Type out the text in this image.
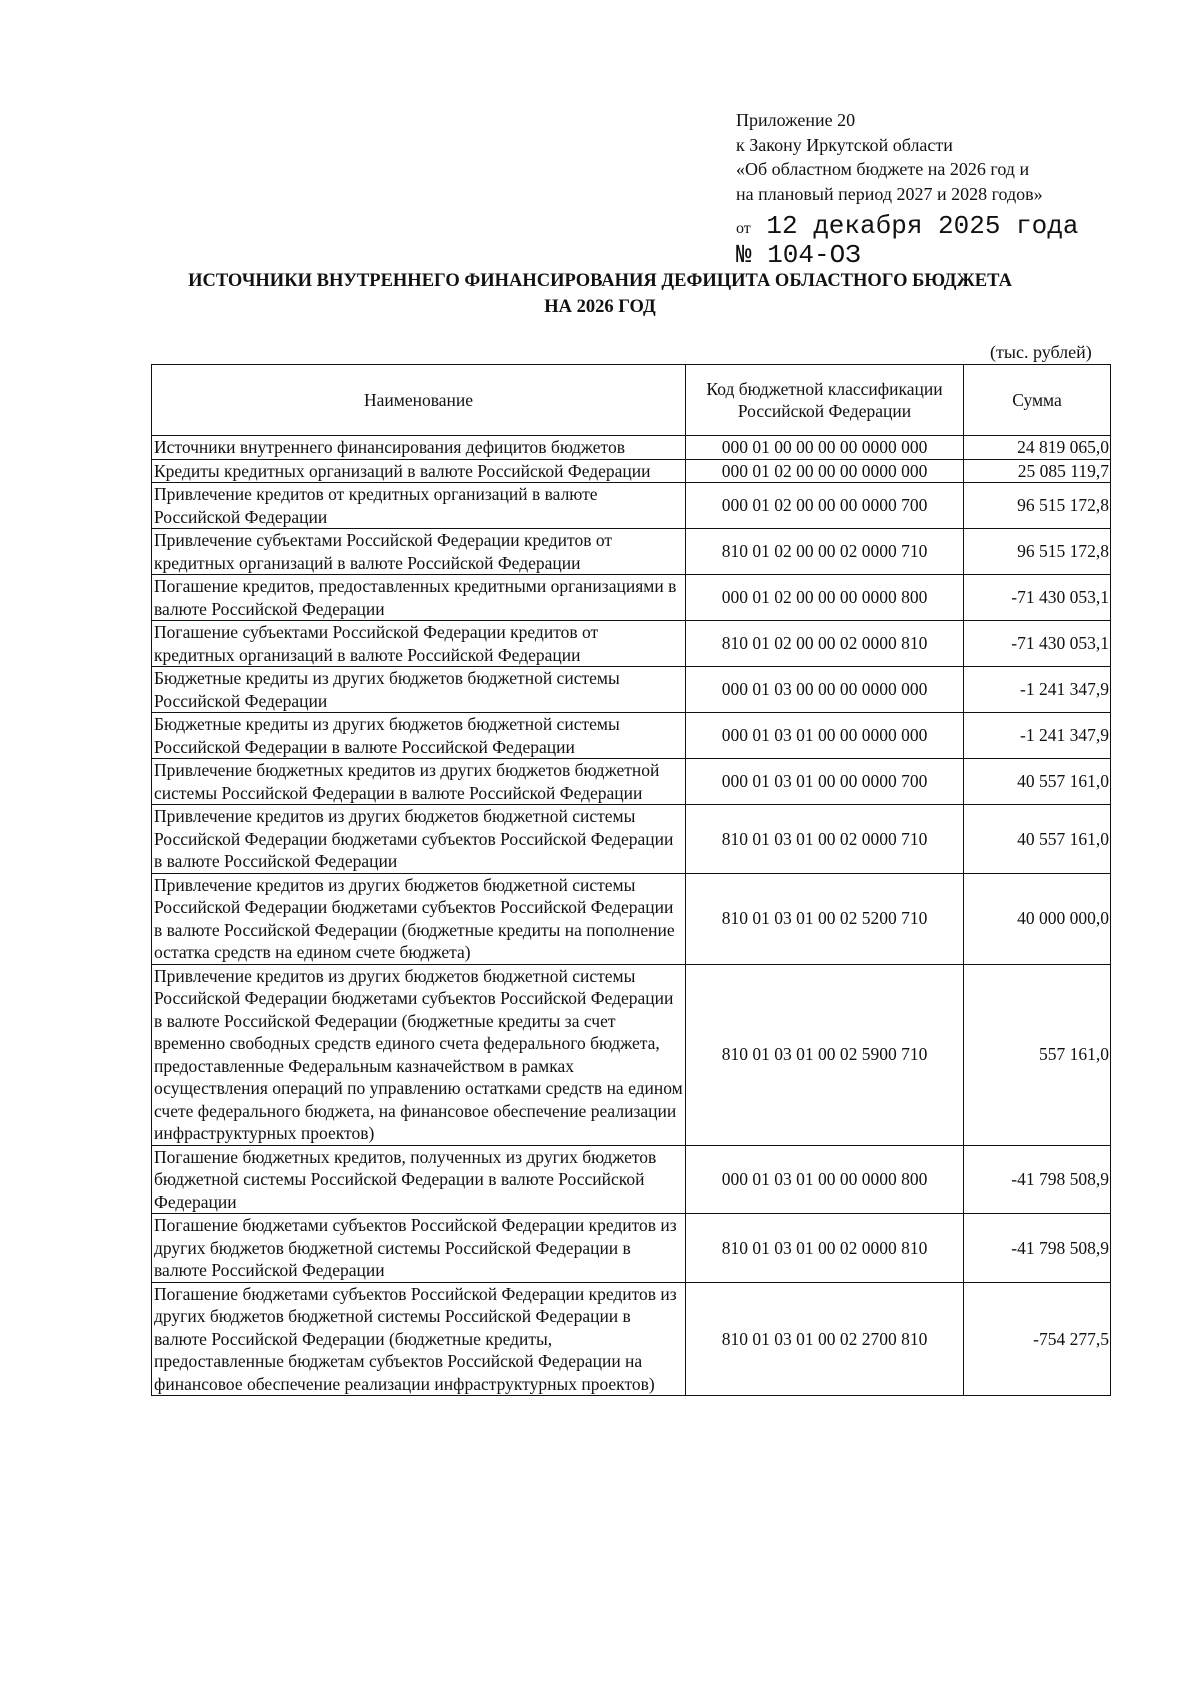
Приложение 20
к Закону Иркутской области
«Об областном бюджете на 2026 год и
на плановый период 2027 и 2028 годов»
от 12 декабря 2025 года
№ 104-ОЗ
ИСТОЧНИКИ ВНУТРЕННЕГО ФИНАНСИРОВАНИЯ ДЕФИЦИТА ОБЛАСТНОГО БЮДЖЕТА
НА 2026 ГОД
(тыс. рублей)
Наименование	Код бюджетной классификации Российской Федерации	Сумма
Источники внутреннего финансирования дефицитов бюджетов	000 01 00 00 00 00 0000 000	24 819 065,0
Кредиты кредитных организаций в валюте Российской Федерации	000 01 02 00 00 00 0000 000	25 085 119,7
Привлечение кредитов от кредитных организаций в валюте Российской Федерации	000 01 02 00 00 00 0000 700	96 515 172,8
Привлечение субъектами Российской Федерации кредитов от кредитных организаций в валюте Российской Федерации	810 01 02 00 00 02 0000 710	96 515 172,8
Погашение кредитов, предоставленных кредитными организациями в валюте Российской Федерации	000 01 02 00 00 00 0000 800	-71 430 053,1
Погашение субъектами Российской Федерации кредитов от кредитных организаций в валюте Российской Федерации	810 01 02 00 00 02 0000 810	-71 430 053,1
Бюджетные кредиты из других бюджетов бюджетной системы Российской Федерации	000 01 03 00 00 00 0000 000	-1 241 347,9
Бюджетные кредиты из других бюджетов бюджетной системы Российской Федерации в валюте Российской Федерации	000 01 03 01 00 00 0000 000	-1 241 347,9
Привлечение бюджетных кредитов из других бюджетов бюджетной системы Российской Федерации в валюте Российской Федерации	000 01 03 01 00 00 0000 700	40 557 161,0
Привлечение кредитов из других бюджетов бюджетной системы Российской Федерации бюджетами субъектов Российской Федерации в валюте Российской Федерации	810 01 03 01 00 02 0000 710	40 557 161,0
Привлечение кредитов из других бюджетов бюджетной системы Российской Федерации бюджетами субъектов Российской Федерации в валюте Российской Федерации (бюджетные кредиты на пополнение остатка средств на едином счете бюджета)	810 01 03 01 00 02 5200 710	40 000 000,0
Привлечение кредитов из других бюджетов бюджетной системы Российской Федерации бюджетами субъектов Российской Федерации в валюте Российской Федерации (бюджетные кредиты за счет временно свободных средств единого счета федерального бюджета, предоставленные Федеральным казначейством в рамках осуществления операций по управлению остатками средств на едином счете федерального бюджета, на финансовое обеспечение реализации инфраструктурных проектов)	810 01 03 01 00 02 5900 710	557 161,0
Погашение бюджетных кредитов, полученных из других бюджетов бюджетной системы Российской Федерации в валюте Российской Федерации	000 01 03 01 00 00 0000 800	-41 798 508,9
Погашение бюджетами субъектов Российской Федерации кредитов из других бюджетов бюджетной системы Российской Федерации в валюте Российской Федерации	810 01 03 01 00 02 0000 810	-41 798 508,9
Погашение бюджетами субъектов Российской Федерации кредитов из других бюджетов бюджетной системы Российской Федерации в валюте Российской Федерации (бюджетные кредиты, предоставленные бюджетам субъектов Российской Федерации на финансовое обеспечение реализации инфраструктурных проектов)	810 01 03 01 00 02 2700 810	-754 277,5
